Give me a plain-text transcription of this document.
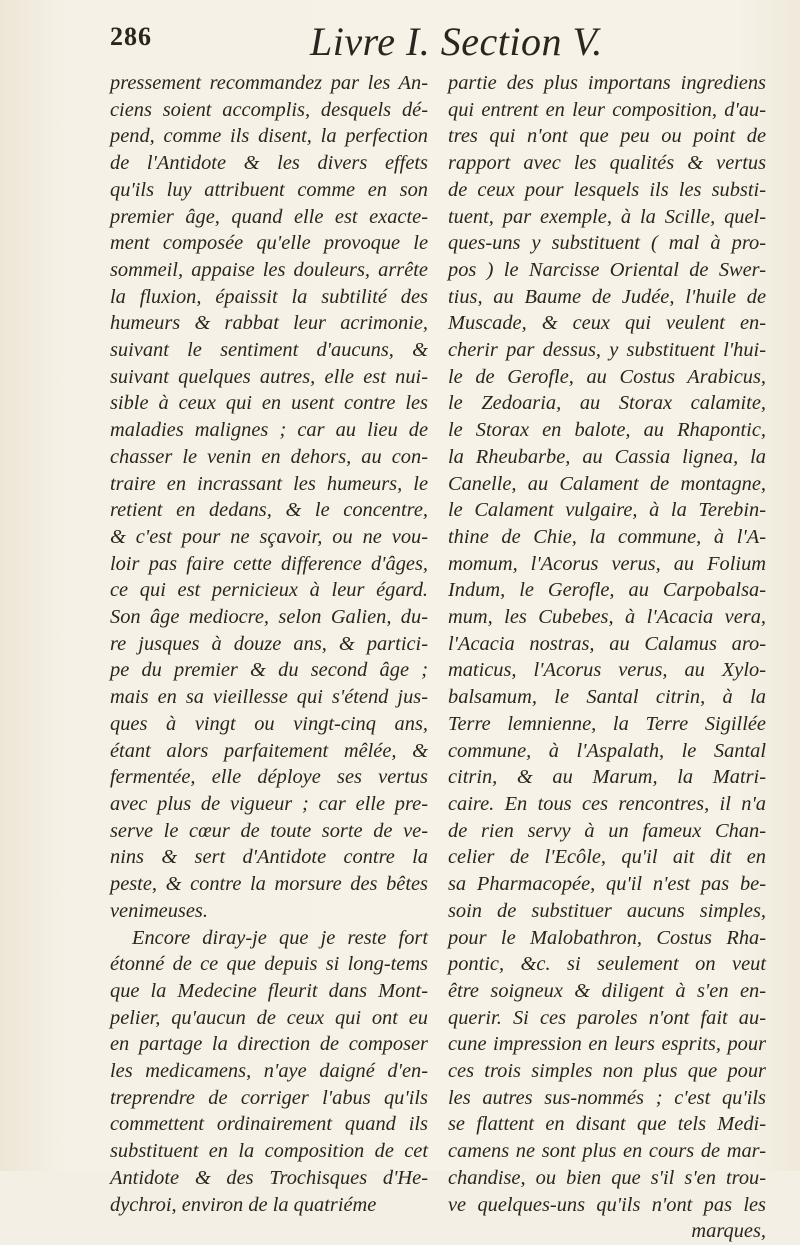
286	Livre I. Section V.
pressement recommandez par les An-
ciens soient accomplis, desquels dé-
pend, comme ils disent, la perfection
de l'Antidote & les divers effets
qu'ils luy attribuent comme en son
premier âge, quand elle est exacte-
ment composée qu'elle provoque le
sommeil, appaise les douleurs, arrête
la fluxion, épaissit la subtilité des
humeurs & rabbat leur acrimonie,
suivant le sentiment d'aucuns, &
suivant quelques autres, elle est nui-
sible à ceux qui en usent contre les
maladies malignes ; car au lieu de
chasser le venin en dehors, au con-
traire en incrassant les humeurs, le
retient en dedans, & le concentre,
& c'est pour ne sçavoir, ou ne vou-
loir pas faire cette difference d'âges,
ce qui est pernicieux à leur égard.
Son âge mediocre, selon Galien, du-
re jusques à douze ans, & partici-
pe du premier & du second âge ;
mais en sa vieillesse qui s'étend jus-
ques à vingt ou vingt-cinq ans,
étant alors parfaitement mêlée, &
fermentée, elle déploye ses vertus
avec plus de vigueur ; car elle pre-
serve le cœur de toute sorte de ve-
nins & sert d'Antidote contre la
peste, & contre la morsure des bêtes
venimeuses.
Encore diray-je que je reste fort
étonné de ce que depuis si long-tems
que la Medecine fleurit dans Mont-
pelier, qu'aucun de ceux qui ont eu
en partage la direction de composer
les medicamens, n'aye daigné d'en-
treprendre de corriger l'abus qu'ils
commettent ordinairement quand ils
substituent en la composition de cet
Antidote & des Trochisques d'He-
dychroi, environ de la quatriéme
partie des plus importans ingrediens
qui entrent en leur composition, d'au-
tres qui n'ont que peu ou point de
rapport avec les qualités & vertus
de ceux pour lesquels ils les substi-
tuent, par exemple, à la Scille, quel-
ques-uns y substituent ( mal à pro-
pos ) le Narcisse Oriental de Swer-
tius, au Baume de Judée, l'huile de
Muscade, & ceux qui veulent en-
cherir par dessus, y substituent l'hui-
le de Gerofle, au Costus Arabicus,
le Zedoaria, au Storax calamite,
le Storax en balote, au Rhapontic,
la Rheubarbe, au Cassia lignea, la
Canelle, au Calament de montagne,
le Calament vulgaire, à la Terebin-
thine de Chie, la commune, à l'A-
momum, l'Acorus verus, au Folium
Indum, le Gerofle, au Carpobalsa-
mum, les Cubebes, à l'Acacia vera,
l'Acacia nostras, au Calamus aro-
maticus, l'Acorus verus, au Xylo-
balsamum, le Santal citrin, à la
Terre lemnienne, la Terre Sigillée
commune, à l'Aspalath, le Santal
citrin, & au Marum, la Matri-
caire. En tous ces rencontres, il n'a
de rien servy à un fameux Chan-
celier de l'Ecôle, qu'il ait dit en
sa Pharmacopée, qu'il n'est pas be-
soin de substituer aucuns simples,
pour le Malobathron, Costus Rha-
pontic, &c. si seulement on veut
être soigneux & diligent à s'en en-
querir. Si ces paroles n'ont fait au-
cune impression en leurs esprits, pour
ces trois simples non plus que pour
les autres sus-nommés ; c'est qu'ils
se flattent en disant que tels Medi-
camens ne sont plus en cours de mar-
chandise, ou bien que s'il s'en trou-
ve quelques-uns qu'ils n'ont pas les
marques,
